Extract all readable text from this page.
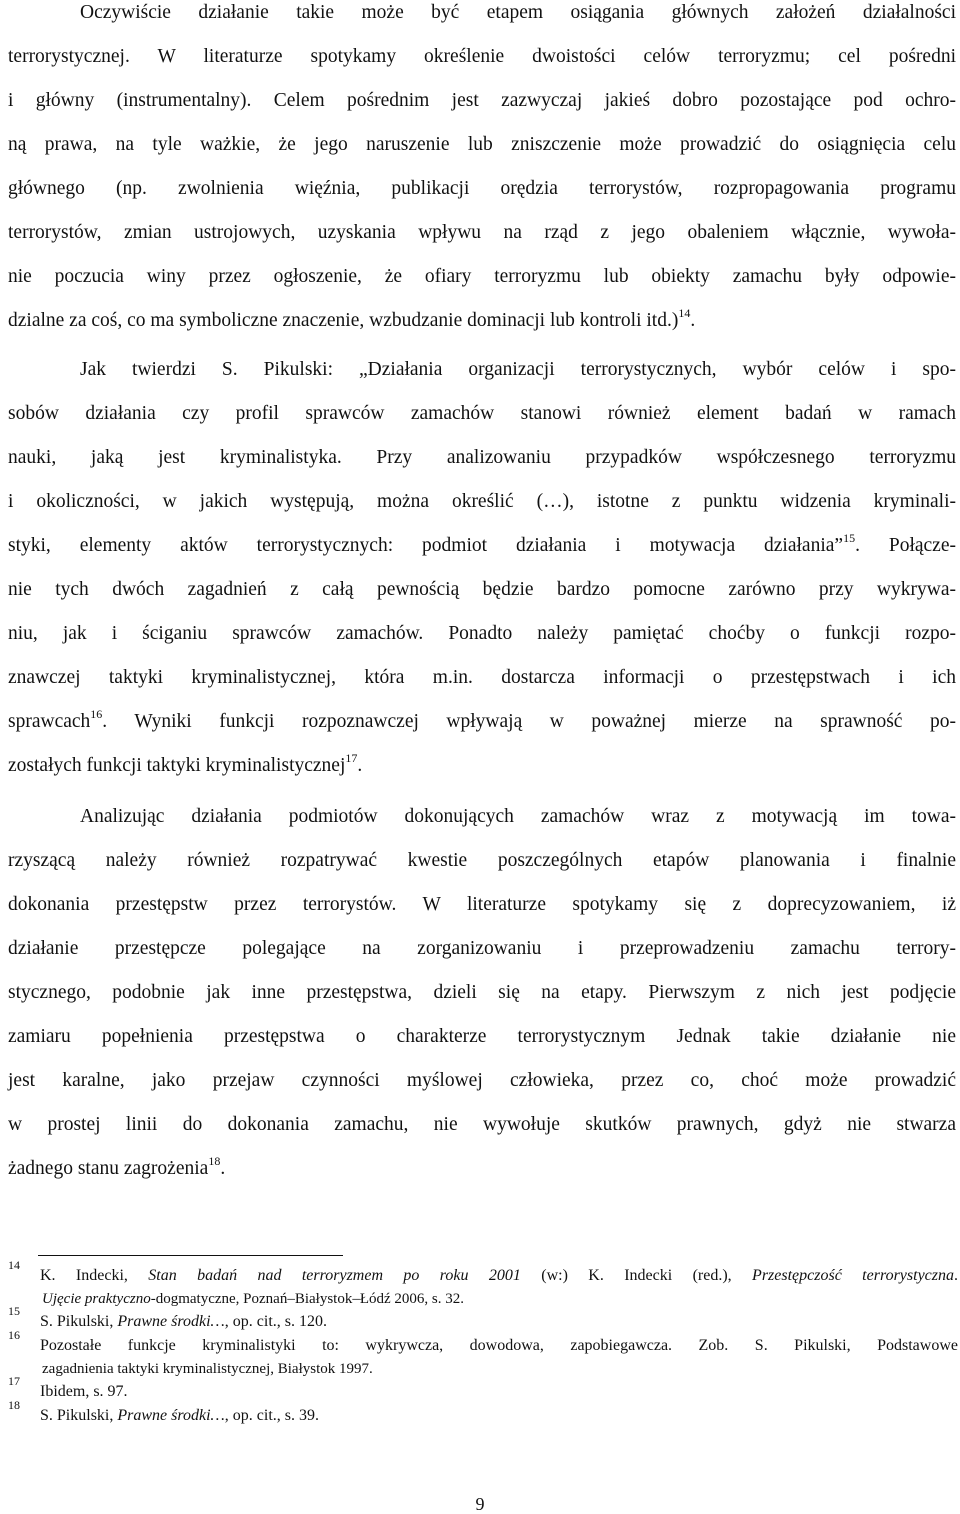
Oczywiście działanie takie może być etapem osiągania głównych założeń działalności
terrorystycznej. W literaturze spotykamy określenie dwoistości celów terroryzmu; cel pośredni
i główny (instrumentalny). Celem pośrednim jest zazwyczaj jakieś dobro pozostające pod ochro-
ną prawa, na tyle ważkie, że jego naruszenie lub zniszczenie może prowadzić do osiągnięcia celu
głównego (np. zwolnienia więźnia, publikacji orędzia terrorystów, rozpropagowania programu
terrorystów, zmian ustrojowych, uzyskania wpływu na rząd z jego obaleniem włącznie, wywoła-
nie poczucia winy przez ogłoszenie, że ofiary terroryzmu lub obiekty zamachu były odpowie-
dzialne za coś, co ma symboliczne znaczenie, wzbudzanie dominacji lub kontroli itd.)$^{14}$.
Jak twierdzi S. Pikulski: „Działania organizacji terrorystycznych, wybór celów i spo-
sobów działania czy profil sprawców zamachów stanowi również element badań w ramach
nauki, jaką jest kryminalistyka. Przy analizowaniu przypadków współczesnego terroryzmu
i okoliczności, w jakich występują, można określić (…), istotne z punktu widzenia kryminali-
styki, elementy aktów terrorystycznych: podmiot działania i motywacja działania”$^{15}$. Połącze-
nie tych dwóch zagadnień z całą pewnością będzie bardzo pomocne zarówno przy wykrywa-
niu, jak i ściganiu sprawców zamachów. Ponadto należy pamiętać choćby o funkcji rozpo-
znawczej taktyki kryminalistycznej, która m.in. dostarcza informacji o przestępstwach i ich
sprawcach$^{16}$. Wyniki funkcji rozpoznawczej wpływają w poważnej mierze na sprawność po-
zostałych funkcji taktyki kryminalistycznej$^{17}$.
Analizując działania podmiotów dokonujących zamachów wraz z motywacją im towa-
rzyszącą należy również rozpatrywać kwestie poszczególnych etapów planowania i finalnie
dokonania przestępstw przez terrorystów. W literaturze spotykamy się z doprecyzowaniem, iż
działanie przestępcze polegające na zorganizowaniu i przeprowadzeniu zamachu terrory-
stycznego, podobnie jak inne przestępstwa, dzieli się na etapy. Pierwszym z nich jest podjęcie
zamiaru popełnienia przestępstwa o charakterze terrorystycznym Jednak takie działanie nie
jest karalne, jako przejaw czynności myślowej człowieka, przez co, choć może prowadzić
w prostej linii do dokonania zamachu, nie wywołuje skutków prawnych, gdyż nie stwarza
żadnego stanu zagrożenia$^{18}$.
14
K. Indecki, Stan badań nad terroryzmem po roku 2001 (w:) K. Indecki (red.), Przestępczość terrorystyczna.
Ujęcie praktyczno-dogmatyczne, Poznań–Białystok–Łódź 2006, s. 32.
15
S. Pikulski, Prawne środki…, op. cit., s. 120.
16
Pozostałe funkcje kryminalistyki to: wykrywcza, dowodowa, zapobiegawcza. Zob. S. Pikulski, Podstawowe
zagadnienia taktyki kryminalistycznej, Białystok 1997.
17
Ibidem, s. 97.
18
S. Pikulski, Prawne środki…, op. cit., s. 39.
9
